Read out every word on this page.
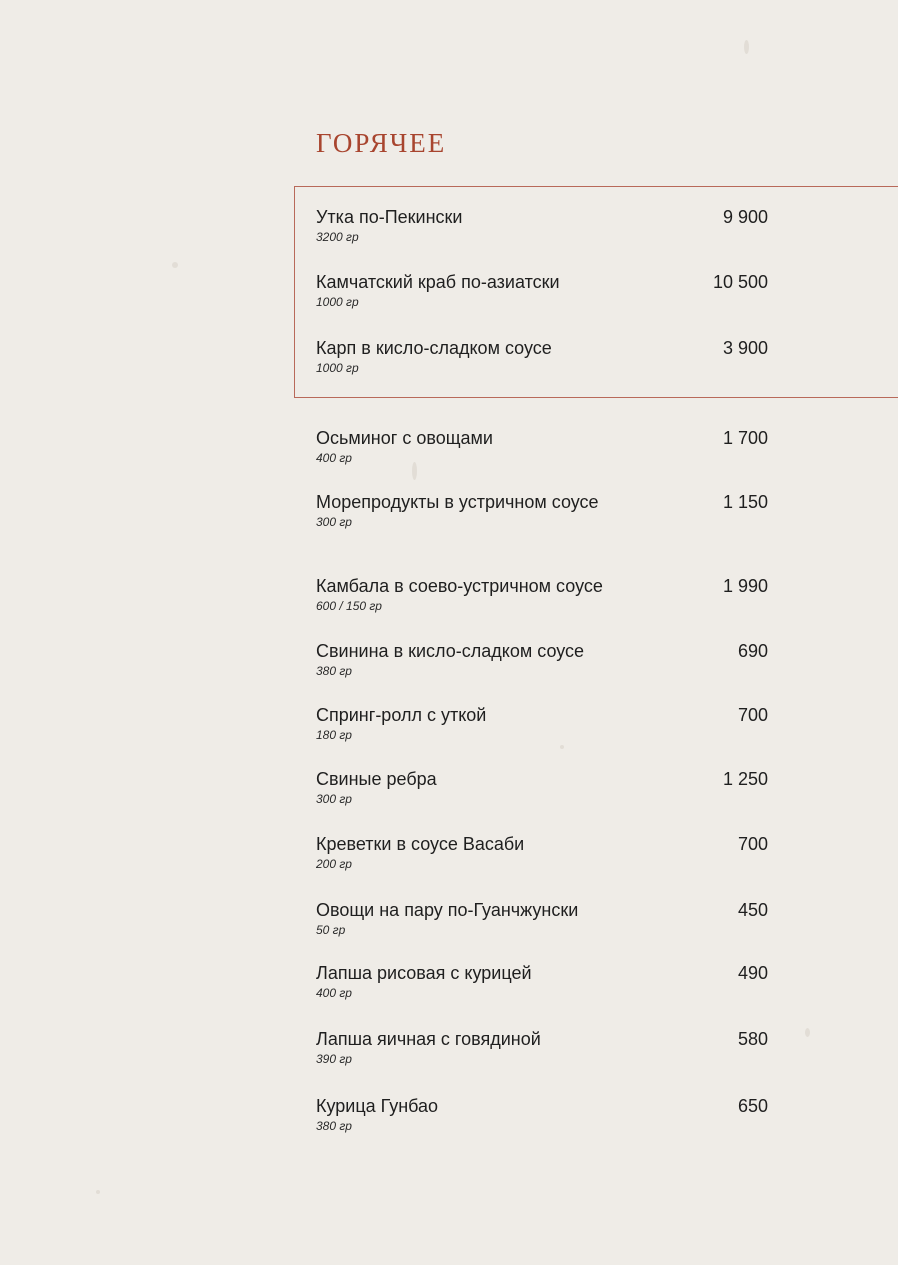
ГОРЯЧЕЕ
Утка по-Пекински
3200 гр
9 900
Камчатский краб по-азиатски
1000 гр
10 500
Карп в кисло-сладком соусе
1000 гр
3 900
Осьминог с овощами
400 гр
1 700
Морепродукты в устричном соусе
300 гр
1 150
Камбала в соево-устричном соусе
600 / 150 гр
1 990
Свинина в кисло-сладком соусе
380 гр
690
Спринг-ролл с уткой
180 гр
700
Свиные ребра
300 гр
1 250
Креветки в соусе Васаби
200 гр
700
Овощи на пару по-Гуанчжунски
50 гр
450
Лапша рисовая с курицей
400 гр
490
Лапша яичная с говядиной
390 гр
580
Курица Гунбао
380 гр
650
